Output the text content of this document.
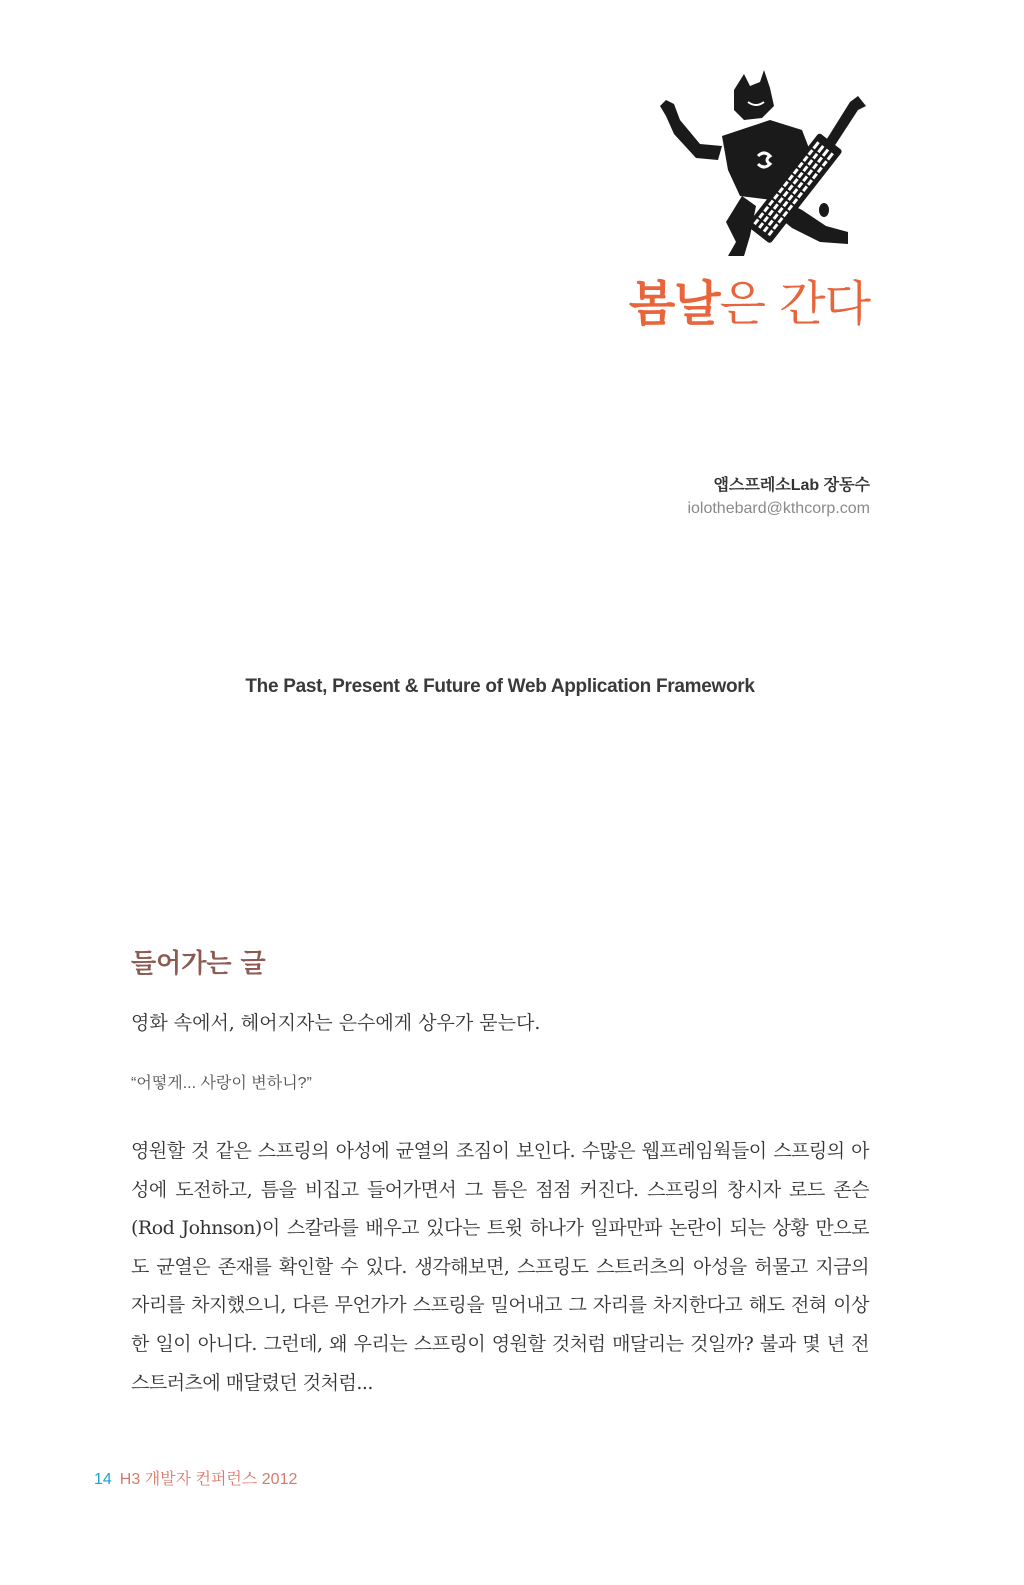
봄날은 간다
앱스프레소Lab 장동수
iolothebard@kthcorp.com
The Past, Present & Future of Web Application Framework
들어가는 글
영화 속에서, 헤어지자는 은수에게 상우가 묻는다.
“어떻게... 사랑이 변하니?”
영원할 것 같은 스프링의 아성에 균열의 조짐이 보인다. 수많은 웹프레임웍들이 스프링의 아성에 도전하고, 틈을 비집고 들어가면서 그 틈은 점점 커진다. 스프링의 창시자 로드 존슨(Rod Johnson)이 스칼라를 배우고 있다는 트윗 하나가 일파만파 논란이 되는 상황 만으로도 균열은 존재를 확인할 수 있다. 생각해보면, 스프링도 스트러츠의 아성을 허물고 지금의 자리를 차지했으니, 다른 무언가가 스프링을 밀어내고 그 자리를 차지한다고 해도 전혀 이상한 일이 아니다. 그런데, 왜 우리는 스프링이 영원할 것처럼 매달리는 것일까? 불과 몇 년 전 스트러츠에 매달렸던 것처럼...
14 H3 개발자 컨퍼런스 2012
